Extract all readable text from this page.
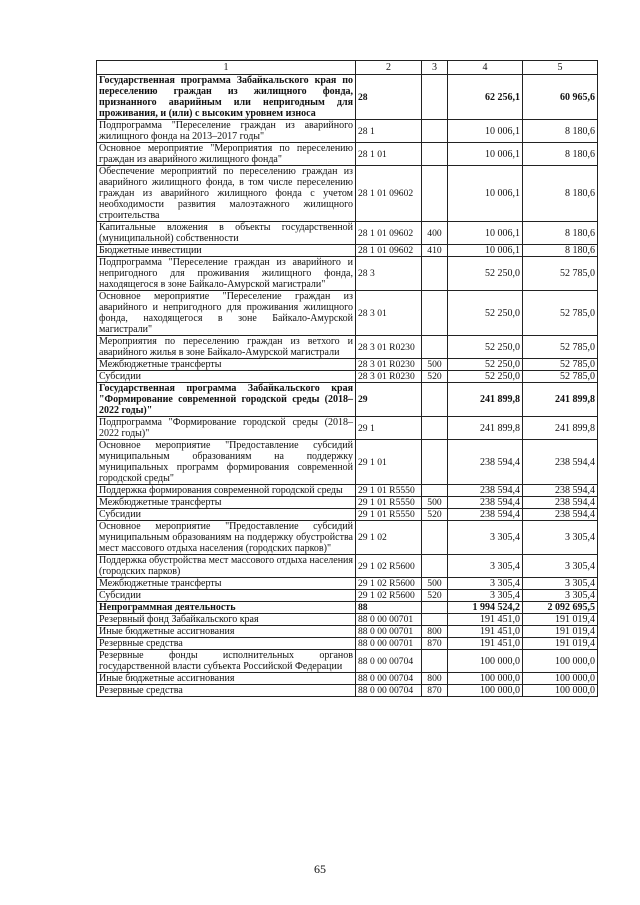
1	2	3	4	5
Государственная программа Забайкальского края по переселению граждан из жилищного фонда, признанного аварийным или непригодным для проживания, и (или) с высоким уровнем износа	28		62 256,1	60 965,6
Подпрограмма "Переселение граждан из аварийного жилищного фонда на 2013–2017 годы"	28 1		10 006,1	8 180,6
Основное мероприятие "Мероприятия по переселению граждан из аварийного жилищного фонда"	28 1 01		10 006,1	8 180,6
Обеспечение мероприятий по переселению граждан из аварийного жилищного фонда, в том числе переселению граждан из аварийного жилищного фонда с учетом необходимости развития малоэтажного жилищного строительства	28 1 01 09602		10 006,1	8 180,6
Капитальные вложения в объекты государственной (муниципальной) собственности	28 1 01 09602	400	10 006,1	8 180,6
Бюджетные инвестиции	28 1 01 09602	410	10 006,1	8 180,6
Подпрограмма "Переселение граждан из аварийного и непригодного для проживания жилищного фонда, находящегося в зоне Байкало-Амурской магистрали"	28 3		52 250,0	52 785,0
Основное мероприятие "Переселение граждан из аварийного и непригодного для проживания жилищного фонда, находящегося в зоне Байкало-Амурской магистрали"	28 3 01		52 250,0	52 785,0
Мероприятия по переселению граждан из ветхого и аварийного жилья в зоне Байкало-Амурской магистрали	28 3 01 R0230		52 250,0	52 785,0
Межбюджетные трансферты	28 3 01 R0230	500	52 250,0	52 785,0
Субсидии	28 3 01 R0230	520	52 250,0	52 785,0
Государственная программа Забайкальского края "Формирование современной городской среды (2018–2022 годы)"	29		241 899,8	241 899,8
Подпрограмма "Формирование городской среды (2018–2022 годы)"	29 1		241 899,8	241 899,8
Основное мероприятие "Предоставление субсидий муниципальным образованиям на поддержку муниципальных программ формирования современной городской среды"	29 1 01		238 594,4	238 594,4
Поддержка формирования современной городской среды	29 1 01 R5550		238 594,4	238 594,4
Межбюджетные трансферты	29 1 01 R5550	500	238 594,4	238 594,4
Субсидии	29 1 01 R5550	520	238 594,4	238 594,4
Основное мероприятие "Предоставление субсидий муниципальным образованиям на поддержку обустройства мест массового отдыха населения (городских парков)"	29 1 02		3 305,4	3 305,4
Поддержка обустройства мест массового отдыха населения (городских парков)	29 1 02 R5600		3 305,4	3 305,4
Межбюджетные трансферты	29 1 02 R5600	500	3 305,4	3 305,4
Субсидии	29 1 02 R5600	520	3 305,4	3 305,4
Непрограммная деятельность	88		1 994 524,2	2 092 695,5
Резервный фонд Забайкальского края	88 0 00 00701		191 451,0	191 019,4
Иные бюджетные ассигнования	88 0 00 00701	800	191 451,0	191 019,4
Резервные средства	88 0 00 00701	870	191 451,0	191 019,4
Резервные фонды исполнительных органов государственной власти субъекта Российской Федерации	88 0 00 00704		100 000,0	100 000,0
Иные бюджетные ассигнования	88 0 00 00704	800	100 000,0	100 000,0
Резервные средства	88 0 00 00704	870	100 000,0	100 000,0
65
